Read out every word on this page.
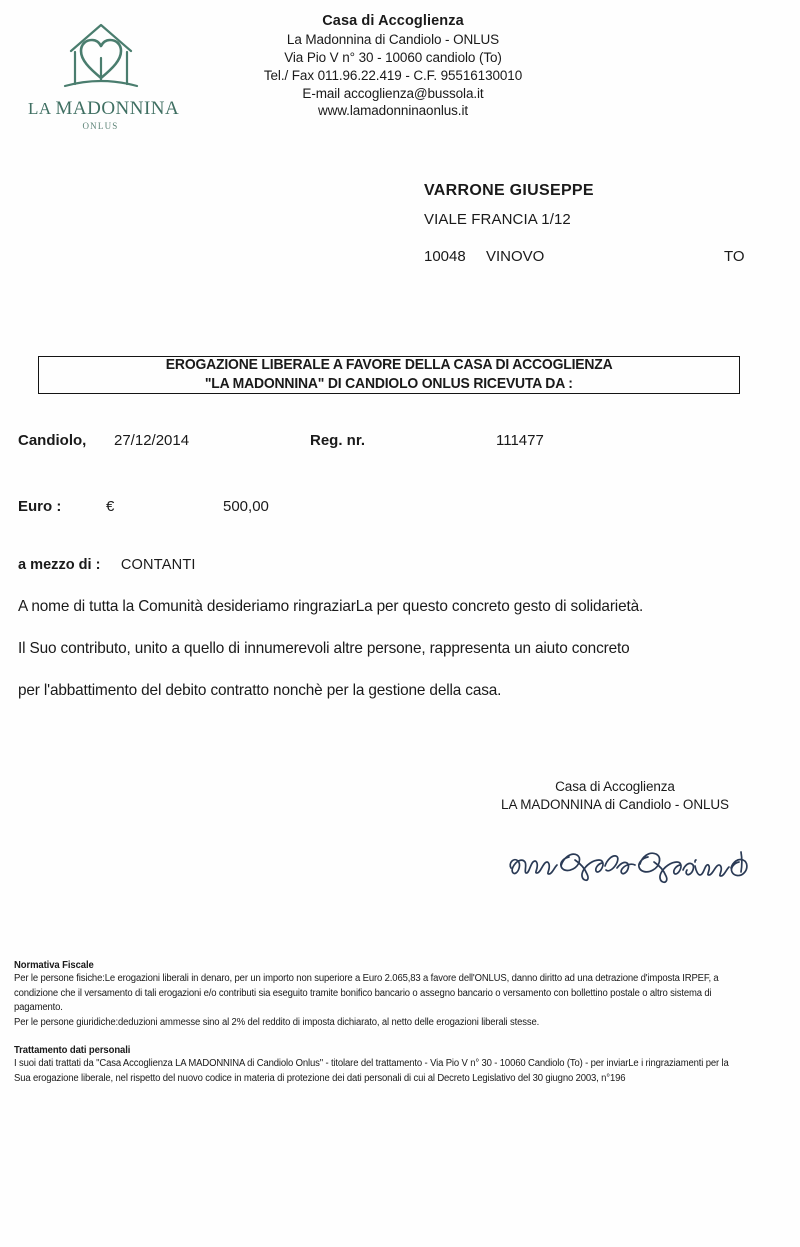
LA MADONNINA
ONLUS
Casa di Accoglienza
La Madonnina di Candiolo - ONLUS
Via Pio V n° 30 - 10060 candiolo (To)
Tel./ Fax 011.96.22.419 - C.F. 95516130010
E-mail accoglienza@bussola.it
www.lamadonninaonlus.it
VARRONE GIUSEPPE
VIALE FRANCIA 1/12
10048	VINOVO	TO
EROGAZIONE LIBERALE A FAVORE DELLA CASA DI ACCOGLIENZA
"LA MADONNINA" DI CANDIOLO ONLUS RICEVUTA DA :
Candiolo,	27/12/2014	Reg. nr.	111477
Euro :	€	500,00
a mezzo di :	CONTANTI

A nome di tutta la Comunità desideriamo ringraziarLa per questo concreto gesto di solidarietà.

Il Suo contributo, unito a quello di innumerevoli altre persone, rappresenta un aiuto concreto

per l'abbattimento del debito contratto nonchè per la gestione della casa.

Casa di Accoglienza
LA MADONNINA di Candiolo - ONLUS
Normativa Fiscale

Per le persone fisiche:Le erogazioni liberali in denaro, per un importo non superiore a Euro 2.065,83 a favore dell'ONLUS, danno diritto ad una detrazione d'imposta IRPEF, a condizione che il versamento di tali erogazioni e/o contributi sia eseguito tramite bonifico bancario o assegno bancario o versamento con bollettino postale o altro sistema di pagamento.

Per le persone giuridiche:deduzioni ammesse sino al 2% del reddito di imposta dichiarato, al netto delle erogazioni liberali stesse.

Trattamento dati personali

I suoi dati trattati da "Casa Accoglienza LA MADONNINA di Candiolo Onlus" - titolare del trattamento - Via Pio V n° 30 - 10060 Candiolo (To) - per inviarLe i ringraziamenti per la Sua erogazione liberale, nel rispetto del nuovo codice in materia di protezione dei dati personali di cui al Decreto Legislativo del 30 giugno 2003, n°196
